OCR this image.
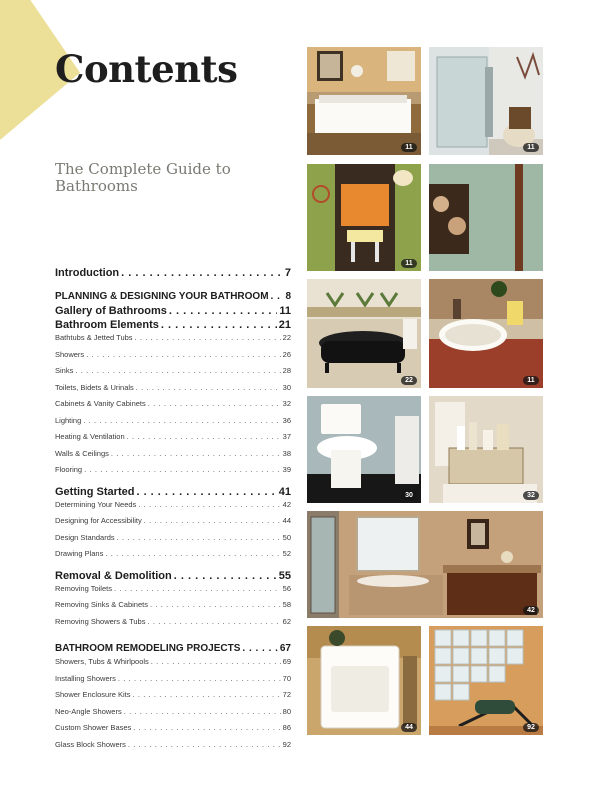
Contents

The Complete Guide to Bathrooms

Introduction . . .	7
PLANNING & DESIGNING YOUR BATHROOM . . . 8
Gallery of Bathrooms . . .	11
Bathroom Elements . . .	21
Bathtubs & Jetted Tubs . . .	22
Showers . . .	26
Sinks . . .	28
Toilets, Bidets & Urinals . . .	30
Cabinets & Vanity Cabinets . . .	32
Lighting . . .	36
Heating & Ventilation . . .	37
Walls & Ceilings . . .	38
Flooring . . .	39
Getting Started . . .	41
Determining Your Needs . . .	42
Designing for Accessibility . . .	44
Design Standards . . .	50
Drawing Plans . . .	52
Removal & Demolition . . .	55
Removing Toilets . . .	56
Removing Sinks & Cabinets . . .	58
Removing Showers & Tubs . . .	62
BATHROOM REMODELING PROJECTS . . .	67
Showers, Tubs & Whirlpools . . .	69
Installing Showers . . .	70
Shower Enclosure Kits . . .	72
Neo-Angle Showers . . .	80
Custom Shower Bases . . .	86
Glass Block Showers . . .	92
11	11
11
22	11
30	32
42
44	92
